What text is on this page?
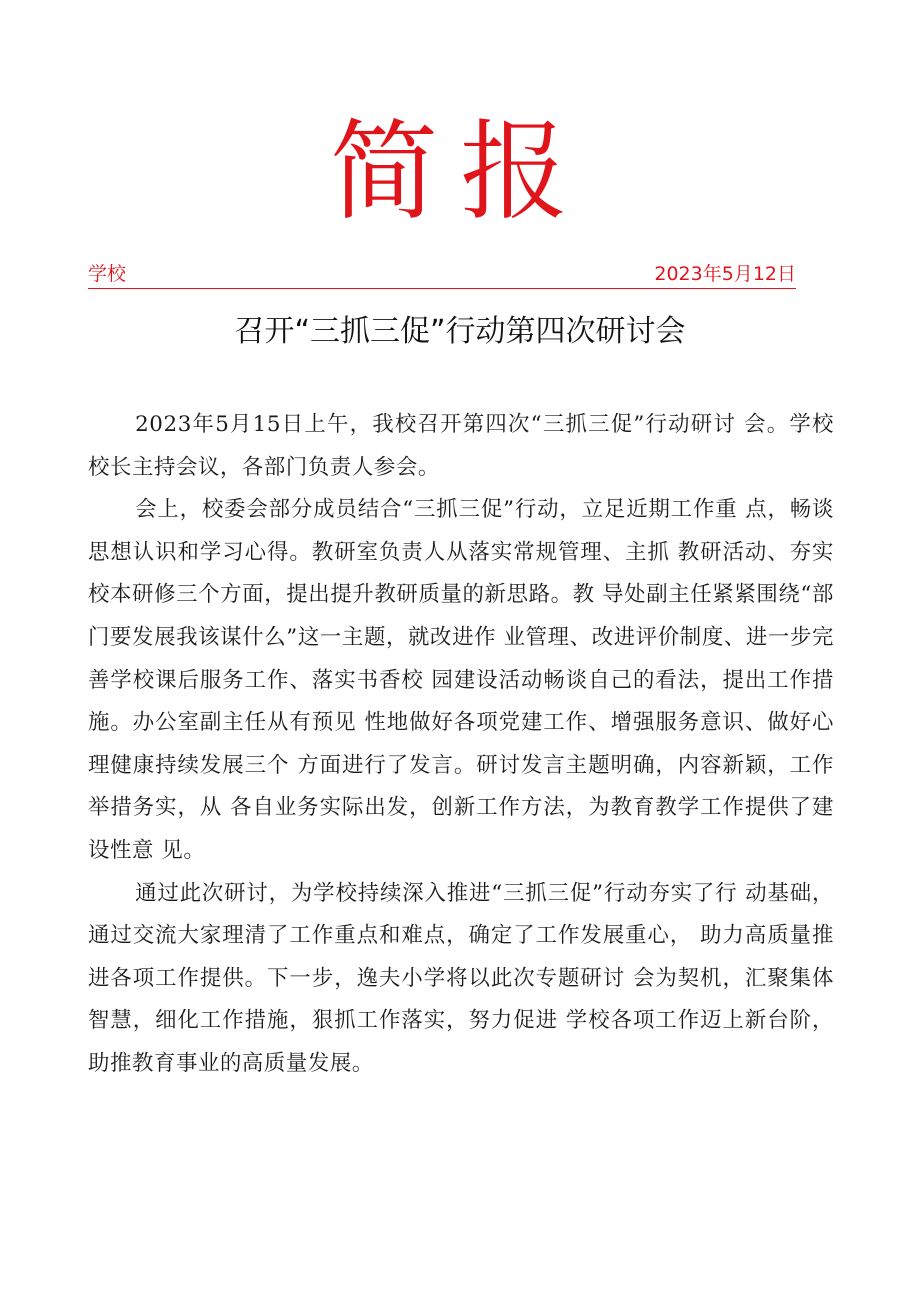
简报
学校	2023年5月12日
召开“三抓三促”行动第四次研讨会

2023年5月15日上午，我校召开第四次“三抓三促”行动研讨 会。学校校长主持会议，各部门负责人参会。

会上，校委会部分成员结合“三抓三促”行动，立足近期工作重 点，畅谈思想认识和学习心得。教研室负责人从落实常规管理、主抓 教研活动、夯实校本研修三个方面，提出提升教研质量的新思路。教 导处副主任紧紧围绕“部门要发展我该谋什么”这一主题，就改进作 业管理、改进评价制度、进一步完善学校课后服务工作、落实书香校 园建设活动畅谈自己的看法，提出工作措施。办公室副主任从有预见 性地做好各项党建工作、增强服务意识、做好心理健康持续发展三个 方面进行了发言。研讨发言主题明确，内容新颖，工作举措务实，从 各自业务实际出发，创新工作方法，为教育教学工作提供了建设性意 见。

通过此次研讨，为学校持续深入推进“三抓三促”行动夯实了行 动基础，通过交流大家理清了工作重点和难点，确定了工作发展重心， 助力高质量推进各项工作提供。下一步，逸夫小学将以此次专题研讨 会为契机，汇聚集体智慧，细化工作措施，狠抓工作落实，努力促进 学校各项工作迈上新台阶，助推教育事业的高质量发展。
